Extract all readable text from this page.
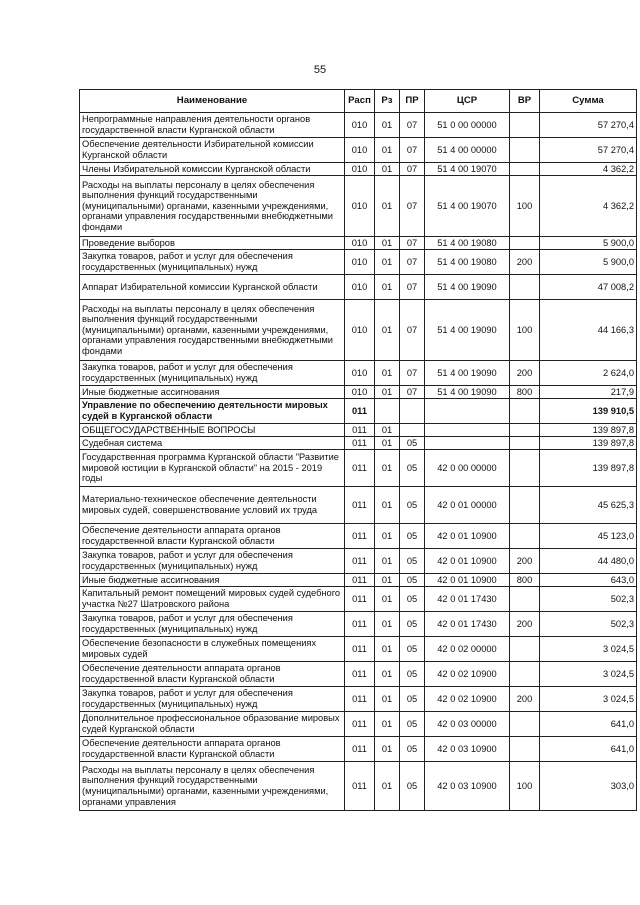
55
Наименование	Расп	Рз	ПР	ЦСР	ВР	Сумма
Непрограммные направления деятельности органов государственной власти Курганской области	010	01	07	51 0 00 00000		57 270,4
Обеспечение деятельности Избирательной комиссии Курганской области	010	01	07	51 4 00 00000		57 270,4
Члены Избирательной комиссии Курганской области	010	01	07	51 4 00 19070		4 362,2
Расходы на выплаты персоналу в целях обеспечения выполнения функций государственными (муниципальными) органами, казенными учреждениями, органами управления государственными внебюджетными фондами	010	01	07	51 4 00 19070	100	4 362,2
Проведение выборов	010	01	07	51 4 00 19080		5 900,0
Закупка товаров, работ и услуг для обеспечения государственных (муниципальных) нужд	010	01	07	51 4 00 19080	200	5 900,0
Аппарат Избирательной комиссии Курганской области	010	01	07	51 4 00 19090		47 008,2
Расходы на выплаты персоналу в целях обеспечения выполнения функций государственными (муниципальными) органами, казенными учреждениями, органами управления государственными внебюджетными фондами	010	01	07	51 4 00 19090	100	44 166,3
Закупка товаров, работ и услуг для обеспечения государственных (муниципальных) нужд	010	01	07	51 4 00 19090	200	2 624,0
Иные бюджетные ассигнования	010	01	07	51 4 00 19090	800	217,9
Управление по обеспечению деятельности мировых судей в Курганской области	011					139 910,5
ОБЩЕГОСУДАРСТВЕННЫЕ ВОПРОСЫ	011	01				139 897,8
Судебная система	011	01	05			139 897,8
Государственная программа Курганской области "Развитие мировой юстиции в Курганской области" на 2015 - 2019 годы	011	01	05	42 0 00 00000		139 897,8
Материально-техническое обеспечение деятельности мировых судей, совершенствование условий их труда	011	01	05	42 0 01 00000		45 625,3
Обеспечение деятельности аппарата органов государственной власти Курганской области	011	01	05	42 0 01 10900		45 123,0
Закупка товаров, работ и услуг для обеспечения государственных (муниципальных) нужд	011	01	05	42 0 01 10900	200	44 480,0
Иные бюджетные ассигнования	011	01	05	42 0 01 10900	800	643,0
Капитальный ремонт помещений мировых судей судебного участка №27 Шатровского района	011	01	05	42 0 01 17430		502,3
Закупка товаров, работ и услуг для обеспечения государственных (муниципальных) нужд	011	01	05	42 0 01 17430	200	502,3
Обеспечение безопасности в служебных помещениях мировых судей	011	01	05	42 0 02 00000		3 024,5
Обеспечение деятельности аппарата органов государственной власти Курганской области	011	01	05	42 0 02 10900		3 024,5
Закупка товаров, работ и услуг для обеспечения государственных (муниципальных) нужд	011	01	05	42 0 02 10900	200	3 024,5
Дополнительное профессиональное образование мировых судей Курганской области	011	01	05	42 0 03 00000		641,0
Обеспечение деятельности аппарата органов государственной власти Курганской области	011	01	05	42 0 03 10900		641,0
Расходы на выплаты персоналу в целях обеспечения выполнения функций государственными (муниципальными) органами, казенными учреждениями, органами управления	011	01	05	42 0 03 10900	100	303,0
